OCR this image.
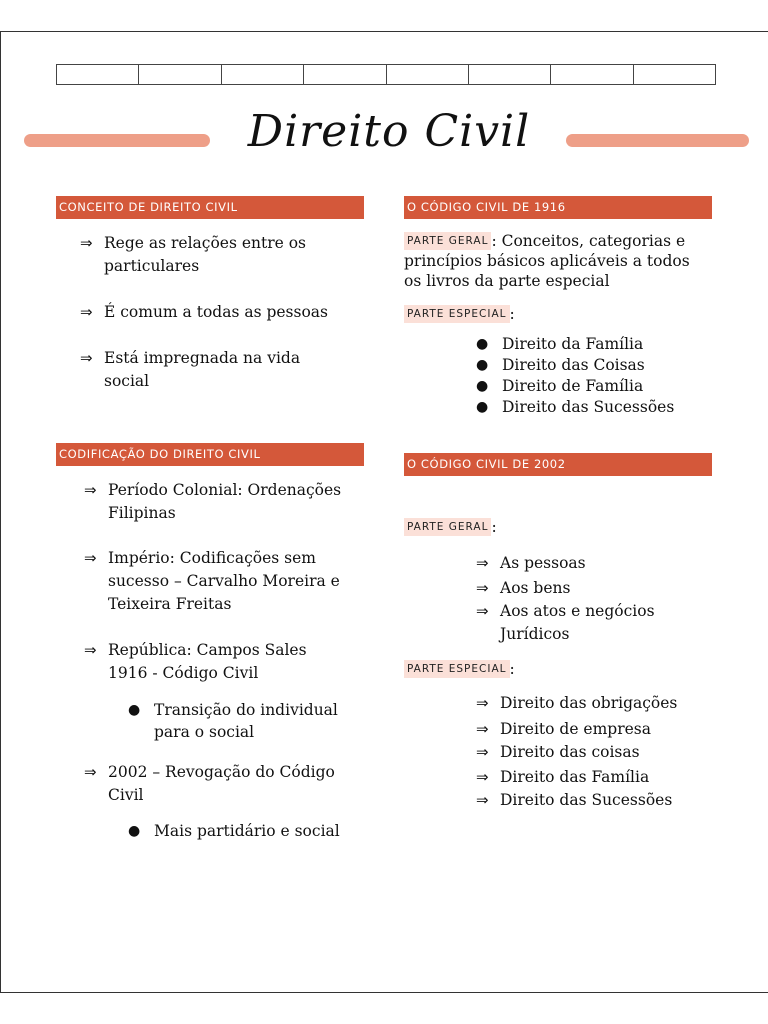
Direito Civil
CONCEITO DE DIREITO CIVIL
⇒ Rege as relações entre os particulares
⇒ É comum a todas as pessoas
⇒ Está impregnada na vida social
CODIFICAÇÃO DO DIREITO CIVIL
⇒ Período Colonial: Ordenações Filipinas
⇒ Império: Codificações sem sucesso – Carvalho Moreira e Teixeira Freitas
⇒ República: Campos Sales 1916 - Código Civil
● Transição do individual para o social
⇒ 2002 – Revogação do Código Civil
● Mais partidário e social
O CÓDIGO CIVIL DE 1916
PARTE GERAL : Conceitos, categorias e princípios básicos aplicáveis a todos os livros da parte especial
PARTE ESPECIAL :
● Direito da Família
● Direito das Coisas
● Direito de Família
● Direito das Sucessões
O CÓDIGO CIVIL DE 2002
PARTE GERAL :
⇒ As pessoas
⇒ Aos bens
⇒ Aos atos e negócios Jurídicos
PARTE ESPECIAL :
⇒ Direito das obrigações
⇒ Direito de empresa
⇒ Direito das coisas
⇒ Direito das Família
⇒ Direito das Sucessões
